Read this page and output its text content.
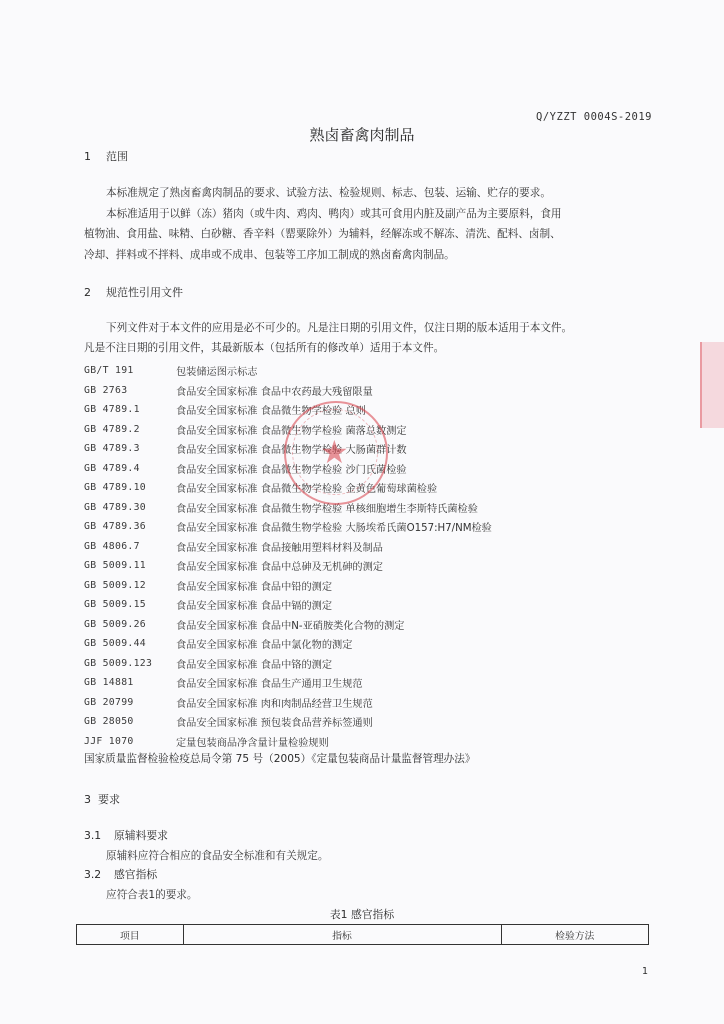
Q/YZZT 0004S-2019
熟卤畜禽肉制品
1 范围
本标准规定了熟卤畜禽肉制品的要求、试验方法、检验规则、标志、包装、运输、贮存的要求。
本标准适用于以鲜（冻）猪肉（或牛肉、鸡肉、鸭肉）或其可食用内脏及副产品为主要原料，食用
植物油、食用盐、味精、白砂糖、香辛料（罂粟除外）为辅料，经解冻或不解冻、清洗、配料、卤制、
冷却、拌料或不拌料、成串或不成串、包装等工序加工制成的熟卤畜禽肉制品。
2 规范性引用文件
下列文件对于本文件的应用是必不可少的。凡是注日期的引用文件，仅注日期的版本适用于本文件。
凡是不注日期的引用文件，其最新版本（包括所有的修改单）适用于本文件。
GB/T 191	包装储运图示标志
GB 2763	食品安全国家标准 食品中农药最大残留限量
GB 4789.1	食品安全国家标准 食品微生物学检验 总则
GB 4789.2	食品安全国家标准 食品微生物学检验 菌落总数测定
GB 4789.3	食品安全国家标准 食品微生物学检验 大肠菌群计数
GB 4789.4	食品安全国家标准 食品微生物学检验 沙门氏菌检验
GB 4789.10	食品安全国家标准 食品微生物学检验 金黄色葡萄球菌检验
GB 4789.30	食品安全国家标准 食品微生物学检验 单核细胞增生李斯特氏菌检验
GB 4789.36	食品安全国家标准 食品微生物学检验 大肠埃希氏菌O157:H7/NM检验
GB 4806.7	食品安全国家标准 食品接触用塑料材料及制品
GB 5009.11	食品安全国家标准 食品中总砷及无机砷的测定
GB 5009.12	食品安全国家标准 食品中铅的测定
GB 5009.15	食品安全国家标准 食品中镉的测定
GB 5009.26	食品安全国家标准 食品中N-亚硝胺类化合物的测定
GB 5009.44	食品安全国家标准 食品中氯化物的测定
GB 5009.123	食品安全国家标准 食品中铬的测定
GB 14881	食品安全国家标准 食品生产通用卫生规范
GB 20799	食品安全国家标准 肉和肉制品经营卫生规范
GB 28050	食品安全国家标准 预包装食品营养标签通则
JJF 1070	定量包装商品净含量计量检验规则
国家质量监督检验检疫总局令第 75 号（2005）《定量包装商品计量监督管理办法》
3 要求
3.1 原辅料要求
原辅料应符合相应的食品安全标准和有关规定。
3.2 感官指标
应符合表1的要求。
表1 感官指标
项目	指标	检验方法
1
★
